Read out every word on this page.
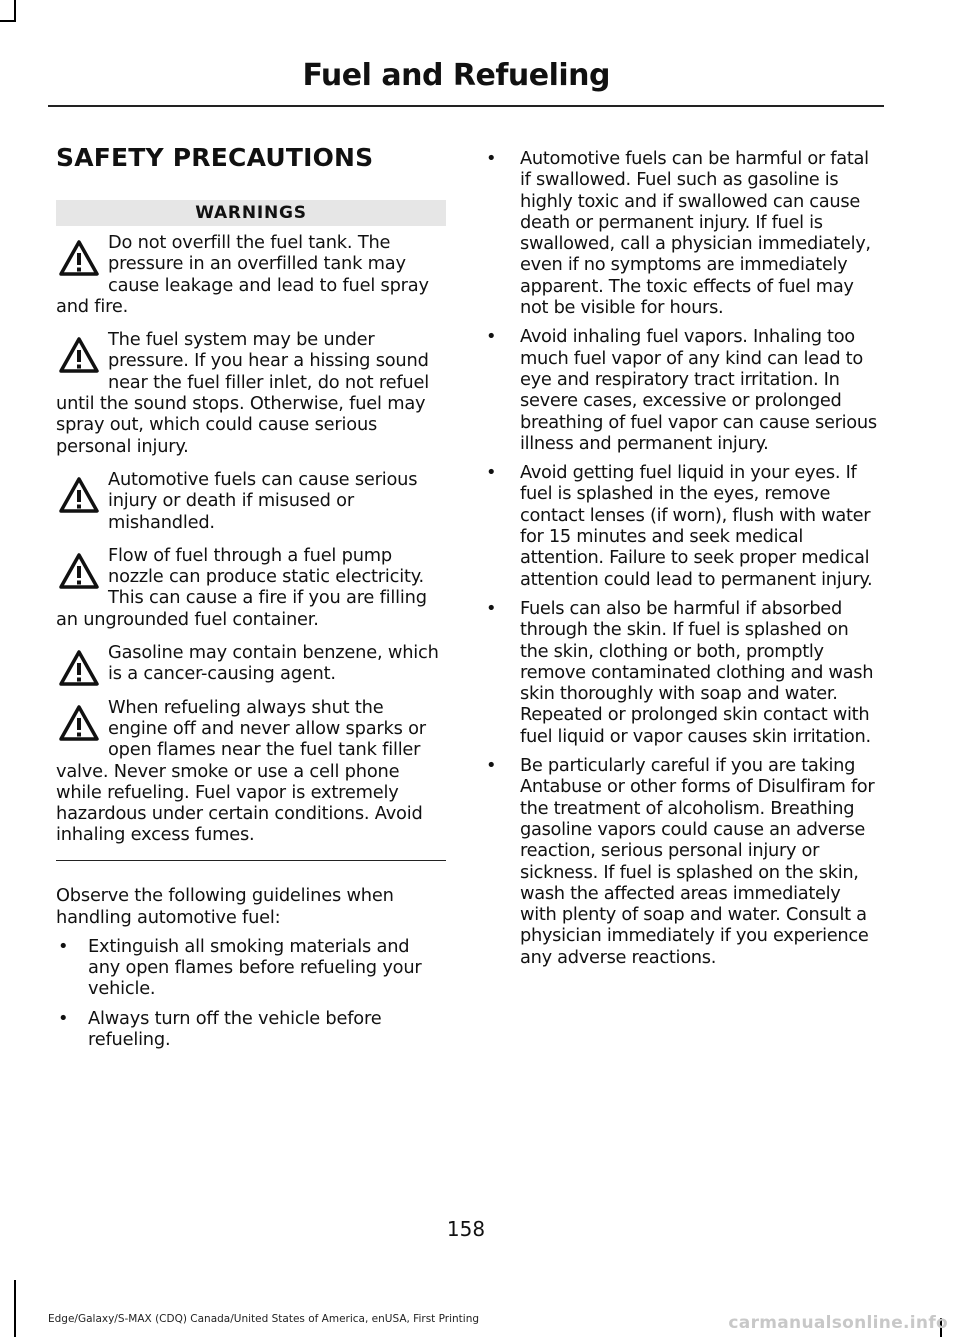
Fuel and Refueling
SAFETY PRECAUTIONS
WARNINGS
Do not overfill the fuel tank. The pressure in an overfilled tank may cause leakage and lead to fuel spray and fire.
The fuel system may be under pressure. If you hear a hissing sound near the fuel filler inlet, do not refuel until the sound stops. Otherwise, fuel may spray out, which could cause serious personal injury.
Automotive fuels can cause serious injury or death if misused or mishandled.
Flow of fuel through a fuel pump nozzle can produce static electricity. This can cause a fire if you are filling an ungrounded fuel container.
Gasoline may contain benzene, which is a cancer-causing agent.
When refueling always shut the engine off and never allow sparks or open flames near the fuel tank filler valve. Never smoke or use a cell phone while refueling. Fuel vapor is extremely hazardous under certain conditions. Avoid inhaling excess fumes.

Observe the following guidelines when handling automotive fuel:

• Extinguish all smoking materials and any open flames before refueling your vehicle.
• Always turn off the vehicle before refueling.
• Automotive fuels can be harmful or fatal if swallowed. Fuel such as gasoline is highly toxic and if swallowed can cause death or permanent injury. If fuel is swallowed, call a physician immediately, even if no symptoms are immediately apparent. The toxic effects of fuel may not be visible for hours.
• Avoid inhaling fuel vapors. Inhaling too much fuel vapor of any kind can lead to eye and respiratory tract irritation. In severe cases, excessive or prolonged breathing of fuel vapor can cause serious illness and permanent injury.
• Avoid getting fuel liquid in your eyes. If fuel is splashed in the eyes, remove contact lenses (if worn), flush with water for 15 minutes and seek medical attention. Failure to seek proper medical attention could lead to permanent injury.
• Fuels can also be harmful if absorbed through the skin. If fuel is splashed on the skin, clothing or both, promptly remove contaminated clothing and wash skin thoroughly with soap and water. Repeated or prolonged skin contact with fuel liquid or vapor causes skin irritation.
• Be particularly careful if you are taking Antabuse or other forms of Disulfiram for the treatment of alcoholism. Breathing gasoline vapors could cause an adverse reaction, serious personal injury or sickness. If fuel is splashed on the skin, wash the affected areas immediately with plenty of soap and water. Consult a physician immediately if you experience any adverse reactions.
158
Edge/Galaxy/S-MAX (CDQ) Canada/United States of America, enUSA, First Printing	carmanualsonline.info
